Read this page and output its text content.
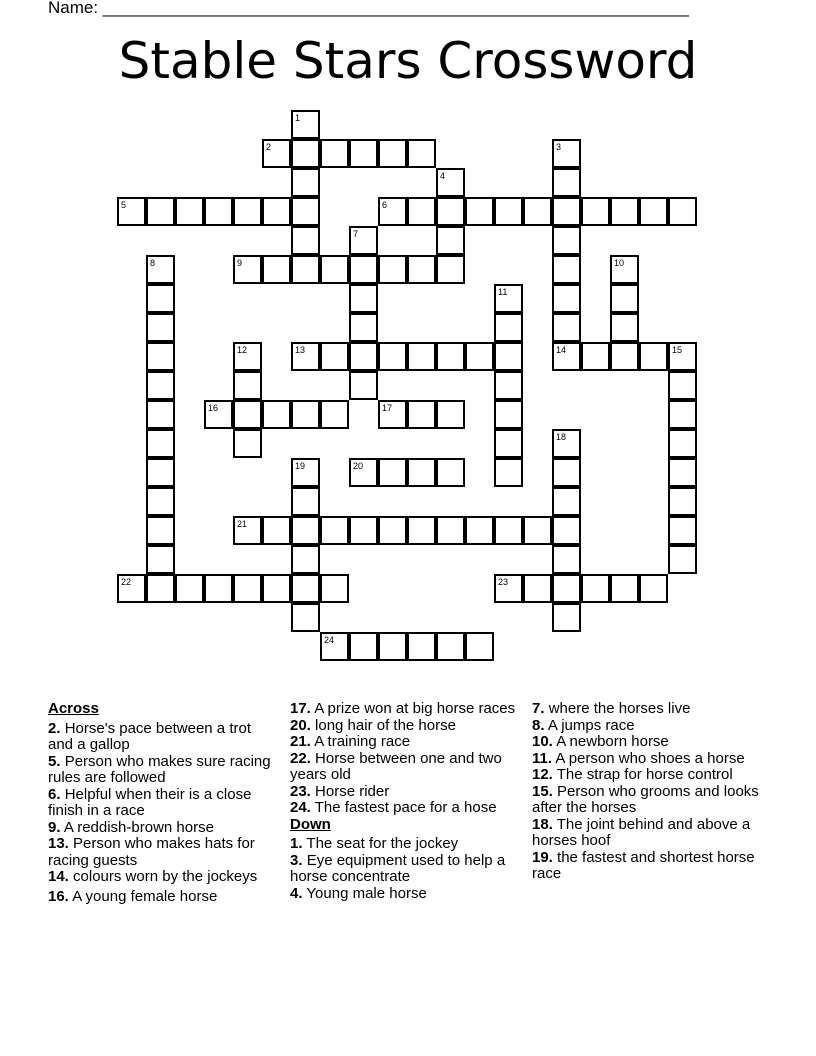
Name: ______________________________________________________________
Stable Stars Crossword
1
2	3
4
5	6
7
8	9	10
11
12	13	14	15
16	17
18
19	20
21
22	23
24
Across
2. Horse's pace between a trot and a gallop
5. Person who makes sure racing rules are followed
6. Helpful when their is a close finish in a race
9. A reddish-brown horse
13. Person who makes hats for racing guests
14. colours worn by the jockeys
16. A young female horse
17. A prize won at big horse races
20. long hair of the horse
21. A training race
22. Horse between one and two years old
23. Horse rider
24. The fastest pace for a hose
Down
1. The seat for the jockey
3. Eye equipment used to help a horse concentrate
4. Young male horse
7. where the horses live
8. A jumps race
10. A newborn horse
11. A person who shoes a horse
12. The strap for horse control
15. Person who grooms and looks after the horses
18. The joint behind and above a horses hoof
19. the fastest and shortest horse race
